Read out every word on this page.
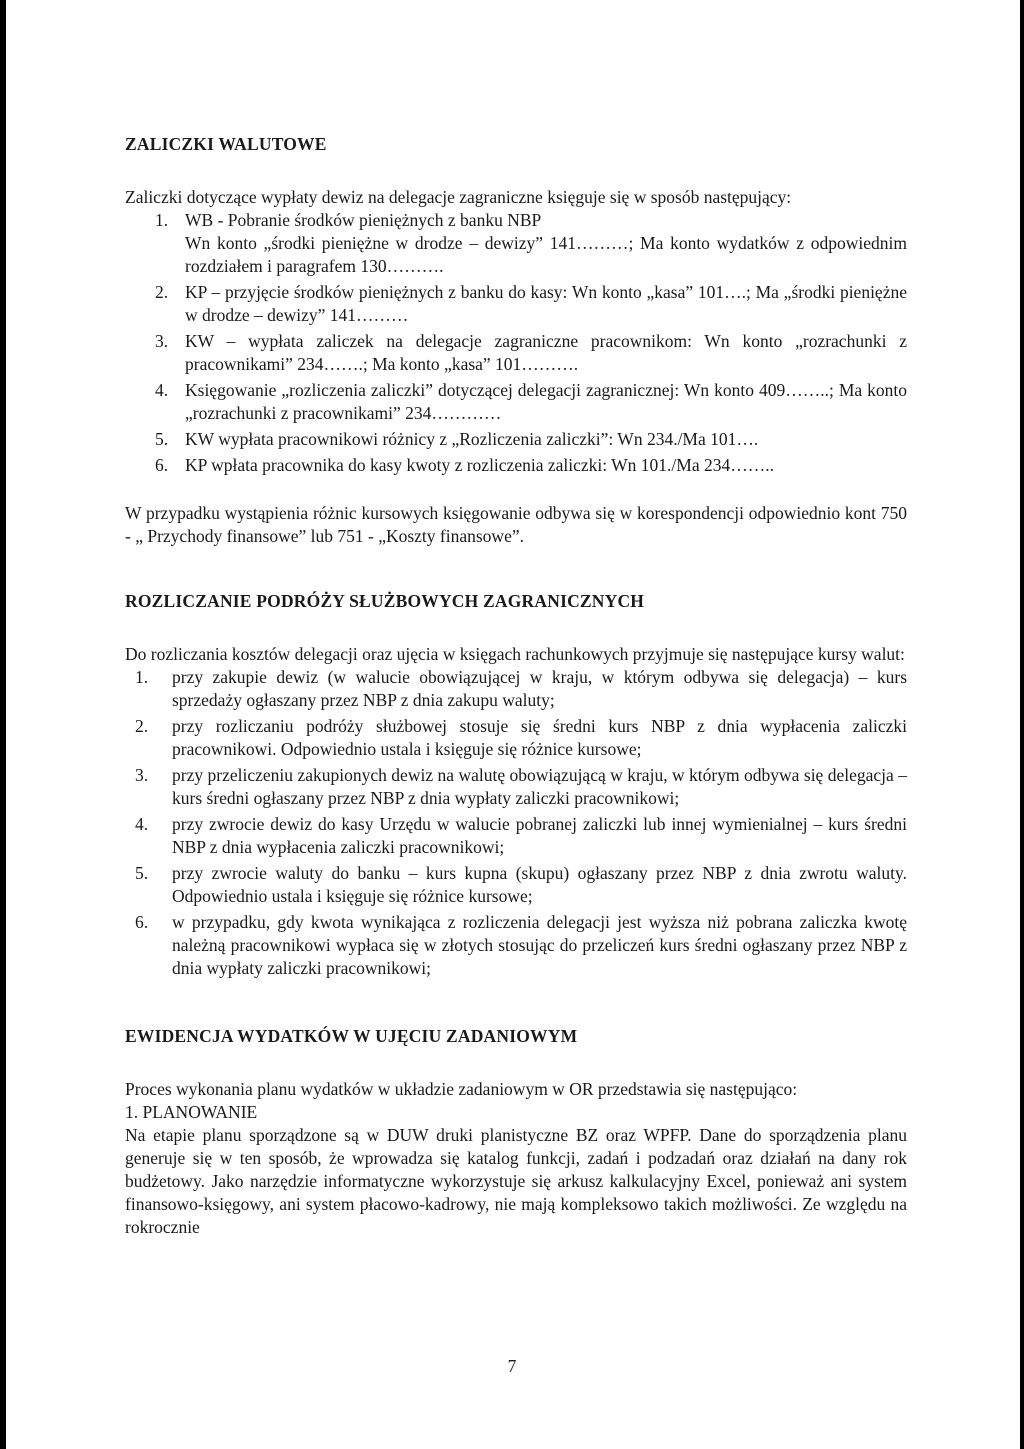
ZALICZKI WALUTOWE

Zaliczki dotyczące wypłaty dewiz na delegacje zagraniczne księguje się w sposób następujący:

1. WB - Pobranie środków pieniężnych z banku NBP
Wn konto „środki pieniężne w drodze – dewizy” 141………; Ma konto wydatków z odpowiednim rozdziałem i paragrafem 130……….
2. KP – przyjęcie środków pieniężnych z banku do kasy: Wn konto „kasa” 101….; Ma „środki pieniężne w drodze – dewizy” 141………
3. KW – wypłata zaliczek na delegacje zagraniczne pracownikom: Wn konto „rozrachunki z pracownikami” 234…….; Ma konto „kasa” 101……….
4. Księgowanie „rozliczenia zaliczki” dotyczącej delegacji zagranicznej: Wn konto 409……..; Ma konto „rozrachunki z pracownikami” 234…………
5. KW wypłata pracownikowi różnicy z „Rozliczenia zaliczki”: Wn 234./Ma 101….
6. KP wpłata pracownika do kasy kwoty z rozliczenia zaliczki: Wn 101./Ma 234……..

W przypadku wystąpienia różnic kursowych księgowanie odbywa się w korespondencji odpowiednio kont 750 - „ Przychody finansowe” lub 751 - „Koszty finansowe”.

ROZLICZANIE PODRÓŻY SŁUŻBOWYCH ZAGRANICZNYCH

Do rozliczania kosztów delegacji oraz ujęcia w księgach rachunkowych przyjmuje się następujące kursy walut:

1. przy zakupie dewiz (w walucie obowiązującej w kraju, w którym odbywa się delegacja) – kurs sprzedaży ogłaszany przez NBP z dnia zakupu waluty;
2. przy rozliczaniu podróży służbowej stosuje się średni kurs NBP z dnia wypłacenia zaliczki pracownikowi. Odpowiednio ustala i księguje się różnice kursowe;
3. przy przeliczeniu zakupionych dewiz na walutę obowiązującą w kraju, w którym odbywa się delegacja – kurs średni ogłaszany przez NBP z dnia wypłaty zaliczki pracownikowi;
4. przy zwrocie dewiz do kasy Urzędu w walucie pobranej zaliczki lub innej wymienialnej – kurs średni NBP z dnia wypłacenia zaliczki pracownikowi;
5. przy zwrocie waluty do banku – kurs kupna (skupu) ogłaszany przez NBP z dnia zwrotu waluty. Odpowiednio ustala i księguje się różnice kursowe;
6. w przypadku, gdy kwota wynikająca z rozliczenia delegacji jest wyższa niż pobrana zaliczka kwotę należną pracownikowi wypłaca się w złotych stosując do przeliczeń kurs średni ogłaszany przez NBP z dnia wypłaty zaliczki pracownikowi;
EWIDENCJA WYDATKÓW W UJĘCIU ZADANIOWYM

Proces wykonania planu wydatków w układzie zadaniowym w OR przedstawia się następująco:

1. PLANOWANIE

Na etapie planu sporządzone są w DUW druki planistyczne BZ oraz WPFP. Dane do sporządzenia planu generuje się w ten sposób, że wprowadza się katalog funkcji, zadań i podzadań oraz działań na dany rok budżetowy. Jako narzędzie informatyczne wykorzystuje się arkusz kalkulacyjny Excel, ponieważ ani system finansowo-księgowy, ani system płacowo-kadrowy, nie mają kompleksowo takich możliwości. Ze względu na rokrocznie

7
